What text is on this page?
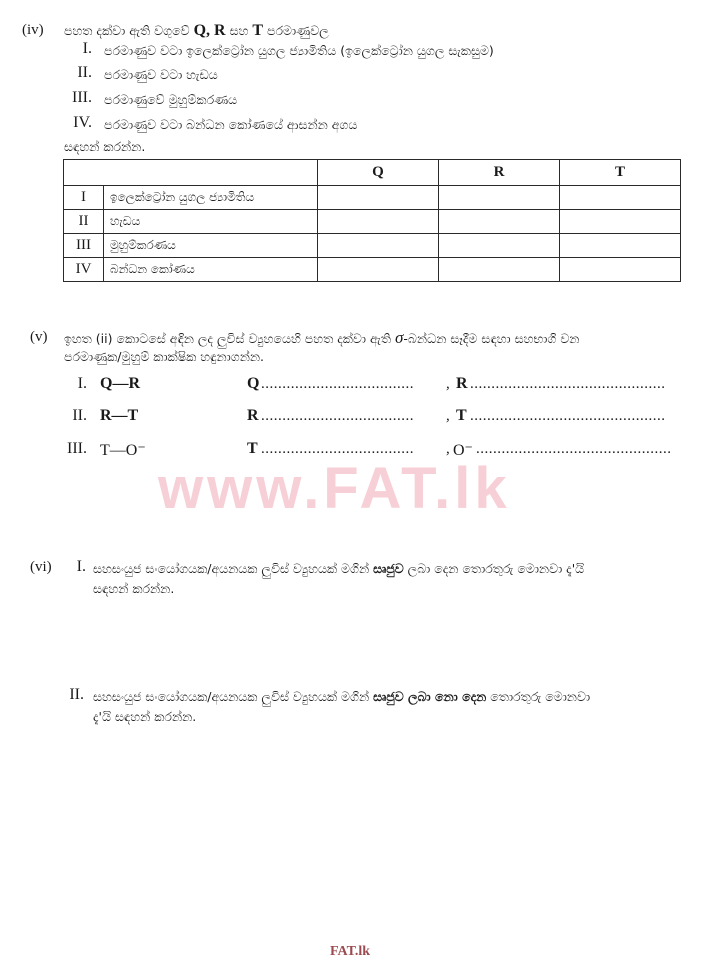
(iv) පහත දක්වා ඇති වගුවේ Q, R සහ T පරමාණුවල
I. පරමාණුව වටා ඉලෙක්ට්‍රෝන යුගල ජ්‍යාමිතිය (ඉලෙක්ට්‍රෝන යුගල සැකසුම)
II. පරමාණුව වටා හැඩය
III. පරමාණුවේ මුහුම්කරණය
IV. පරමාණුව වටා බන්ධන කෝණයේ ආසන්න අගය
සඳහන් කරන්න.
		Q	R	T
I	ඉලෙක්ට්‍රෝන යුගල ජ්‍යාමිතිය			
II	හැඩය			
III	මුහුම්කරණය			
IV	බන්ධන කෝණය			
(v) ඉහත (ii) කොටසේ අඳින ලද ලුවිස් ව්‍යුහයෙහි පහත දක්වා ඇති σ-බන්ධන සෑදීම සඳහා සහභාගි වන
පරමාණුක/මුහුම් කාක්ෂික හඳුනාගන්න.
I. Q—R	Q ....................................	, R ..............................................
II. R—T	R ....................................	, T ..............................................
III. T—O⁻	T ....................................	, O⁻ ..............................................
www.FAT.lk
(vi)	I. සහසංයුජ සංයෝගයක/අයනයක ලුවිස් ව්‍යුහයක් මගින් සෘජුව ලබා දෙන තොරතුරු මොනවා දැ'යි
සඳහන් කරන්න.
II. සහසංයුජ සංයෝගයක/අයනයක ලුවිස් ව්‍යුහයක් මගින් සෘජුව ලබා නො දෙන තොරතුරු මොනවා
දැ'යි සඳහන් කරන්න.
FAT.lk
